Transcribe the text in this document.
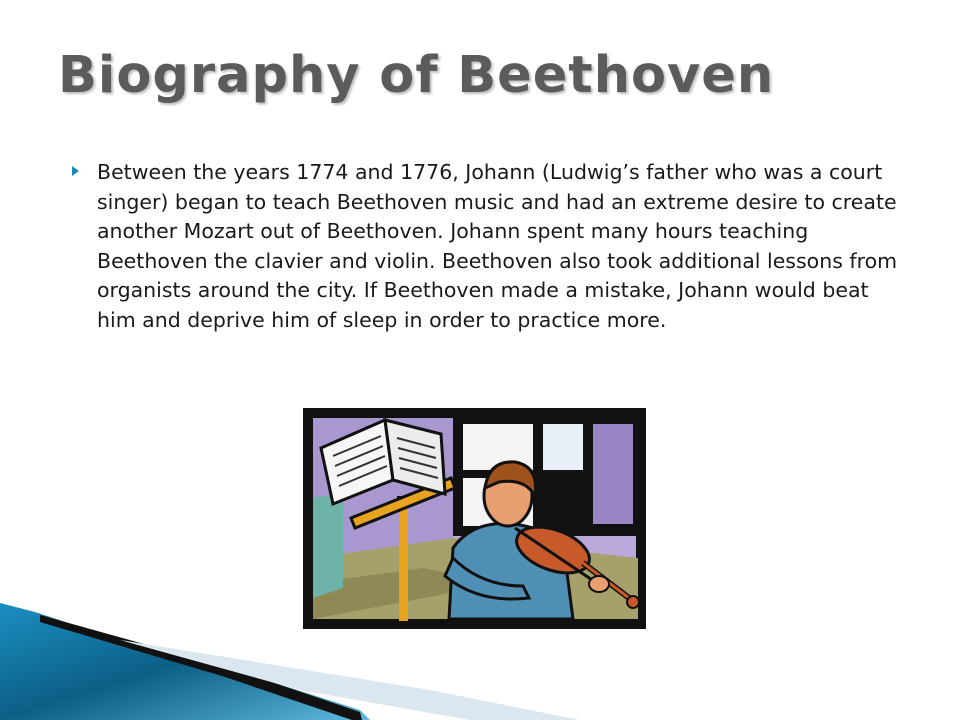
Biography of Beethoven

Between the years 1774 and 1776, Johann (Ludwig’s father who was a court singer) began to teach Beethoven music and had an extreme desire to create another Mozart out of Beethoven. Johann spent many hours teaching Beethoven the clavier and violin. Beethoven also took additional lessons from organists around the city. If Beethoven made a mistake, Johann would beat him and deprive him of sleep in order to practice more.
